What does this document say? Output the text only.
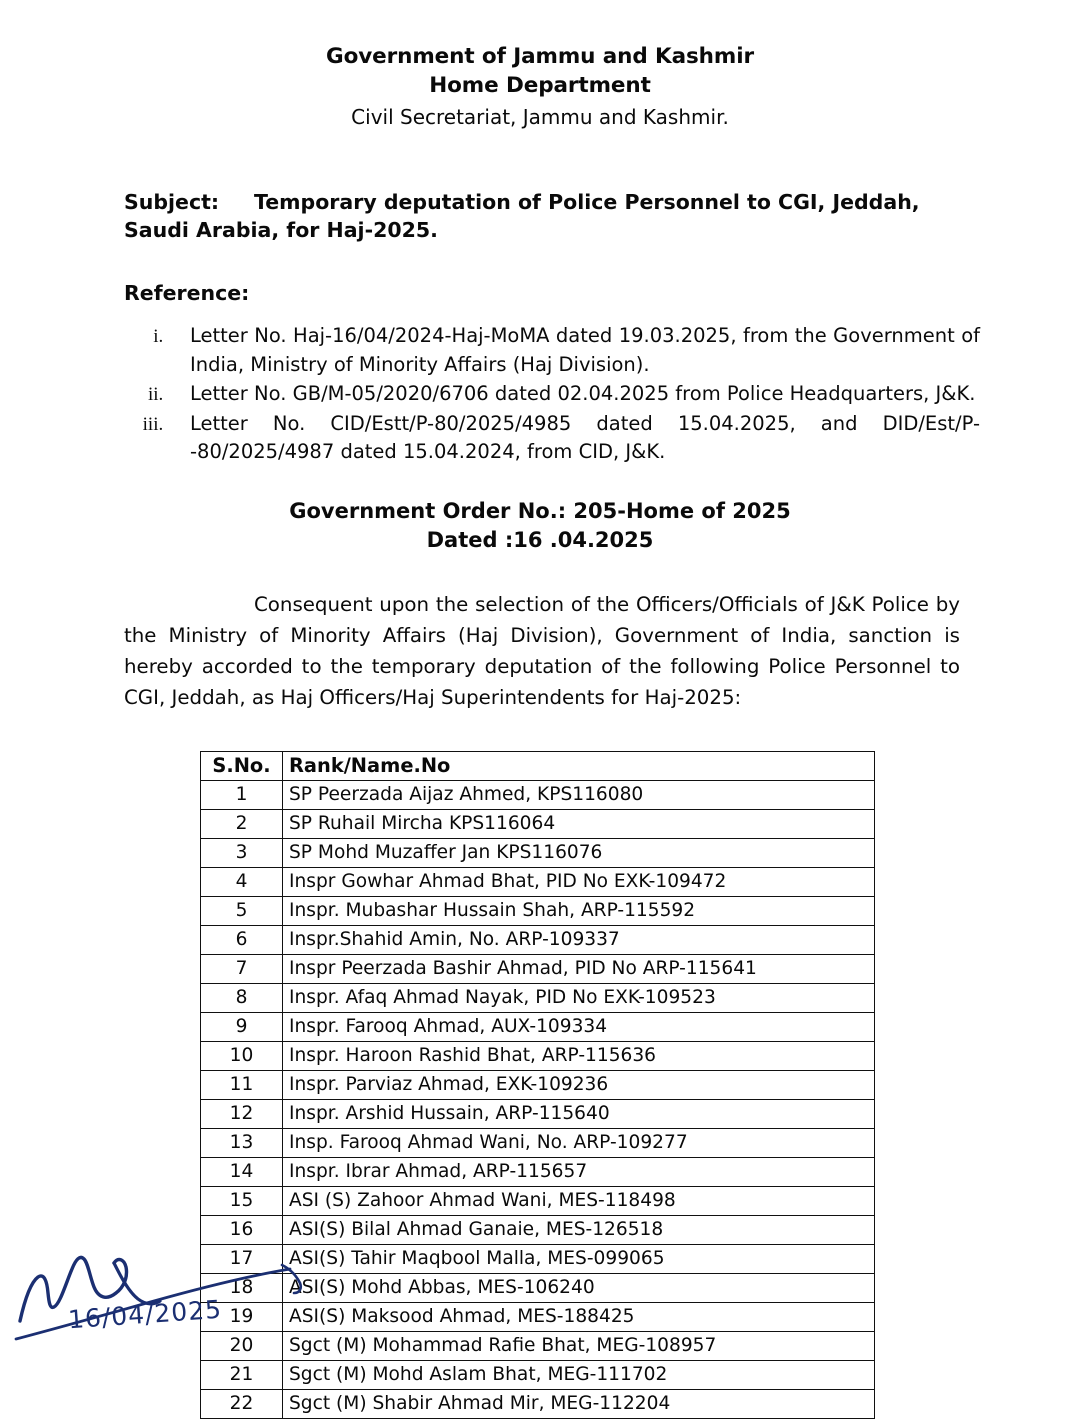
Government of Jammu and Kashmir
Home Department
Civil Secretariat, Jammu and Kashmir.
Subject: Temporary deputation of Police Personnel to CGI, Jeddah, Saudi Arabia, for Haj-2025.
Reference:
i. Letter No. Haj-16/04/2024-Haj-MoMA dated 19.03.2025, from the Government of India, Ministry of Minority Affairs (Haj Division).
ii. Letter No. GB/M-05/2020/6706 dated 02.04.2025 from Police Headquarters, J&K.
iii. Letter No. CID/Estt/P-80/2025/4985 dated 15.04.2025, and DID/Est/P--80/2025/4987 dated 15.04.2024, from CID, J&K.
Government Order No.: 205-Home of 2025
Dated :16 .04.2025
Consequent upon the selection of the Officers/Officials of J&K Police by the Ministry of Minority Affairs (Haj Division), Government of India, sanction is hereby accorded to the temporary deputation of the following Police Personnel to CGI, Jeddah, as Haj Officers/Haj Superintendents for Haj-2025:
S.No.	Rank/Name.No
1	SP Peerzada Aijaz Ahmed, KPS116080
2	SP Ruhail Mircha KPS116064
3	SP Mohd Muzaffer Jan KPS116076
4	Inspr Gowhar Ahmad Bhat, PID No EXK-109472
5	Inspr. Mubashar Hussain Shah, ARP-115592
6	Inspr.Shahid Amin, No. ARP-109337
7	Inspr Peerzada Bashir Ahmad, PID No ARP-115641
8	Inspr. Afaq Ahmad Nayak, PID No EXK-109523
9	Inspr. Farooq Ahmad, AUX-109334
10	Inspr. Haroon Rashid Bhat, ARP-115636
11	Inspr. Parviaz Ahmad, EXK-109236
12	Inspr. Arshid Hussain, ARP-115640
13	Insp. Farooq Ahmad Wani, No. ARP-109277
14	Inspr. Ibrar Ahmad, ARP-115657
15	ASI (S) Zahoor Ahmad Wani, MES-118498
16	ASI(S) Bilal Ahmad Ganaie, MES-126518
17	ASI(S) Tahir Maqbool Malla, MES-099065
18	ASI(S) Mohd Abbas, MES-106240
19	ASI(S) Maksood Ahmad, MES-188425
20	Sgct (M) Mohammad Rafie Bhat, MEG-108957
21	Sgct (M) Mohd Aslam Bhat, MEG-111702
22	Sgct (M) Shabir Ahmad Mir, MEG-112204
16/04/2025
